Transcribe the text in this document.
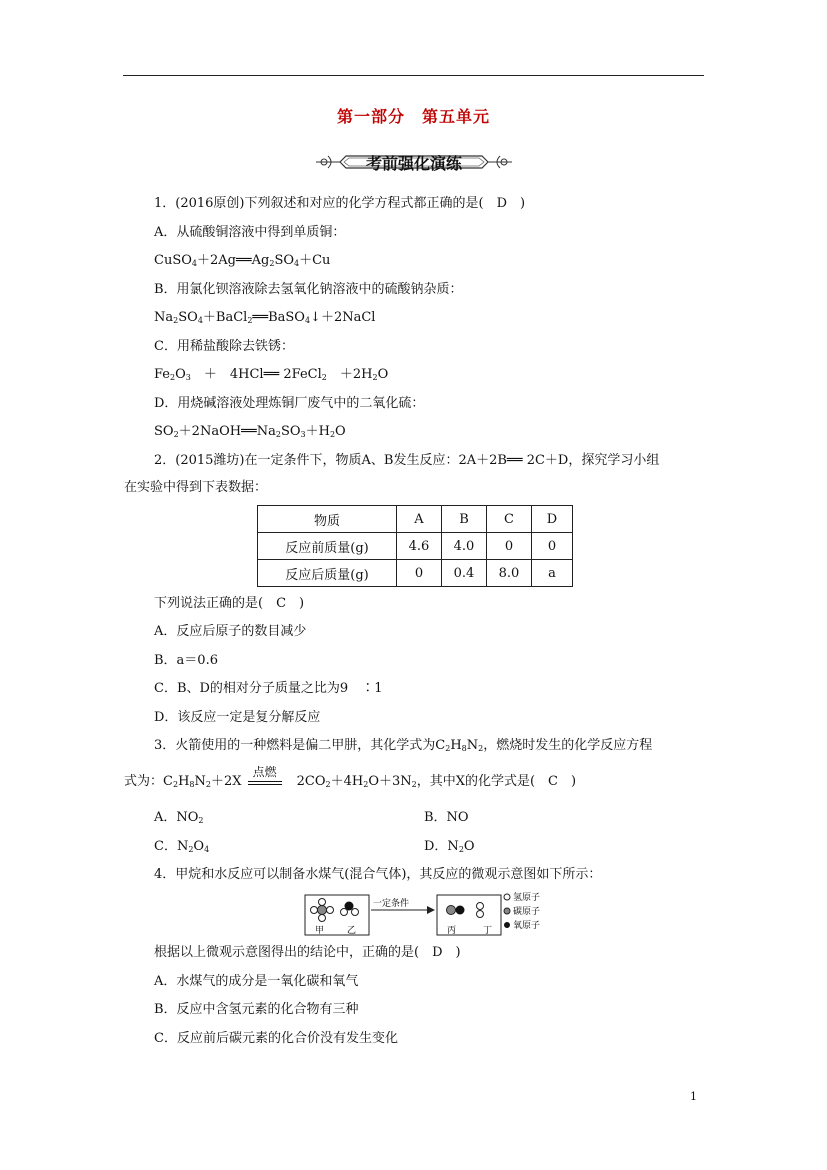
第一部分　第五单元
考前强化演练
1．(2016原创)下列叙述和对应的化学方程式都正确的是(　D　)
A．从硫酸铜溶液中得到单质铜：
$CuSO_4+2Ag══Ag_2SO_4+Cu$
B．用氯化钡溶液除去氢氧化钠溶液中的硫酸钠杂质：
$Na_2SO_4+BaCl_2══BaSO_4↓+2NaCl$
C．用稀盐酸除去铁锈：
$Fe_2O_3$　＋　4HCl══ 2FeCl$_2$　$+2H_2O$
D．用烧碱溶液处理炼铜厂废气中的二氧化硫：
$SO_2+2NaOH══Na_2SO_3+H_2O$
2．(2015潍坊)在一定条件下，物质A、B发生反应：2A＋2B══ 2C＋D，探究学习小组
在实验中得到下表数据：
物质	A	B	C	D
反应前质量(g)	4.6	4.0	0	0
反应后质量(g)	0	0.4	8.0	a
下列说法正确的是(　C　)
A．反应后原子的数目减少
B．a＝0.6
C．B、D的相对分子质量之比为9　∶1
D．该反应一定是复分解反应
3．火箭使用的一种燃料是偏二甲肼，其化学式为$C_2H_8N_2$，燃烧时发生的化学反应方程
式为：$C_2H_8N_2+2X$
点燃
　$2CO_2+4H_2O+3N_2$，其中X的化学式是(　C　)
A．$NO_2$	B．NO
C．$N_2O_4$	D．$N_2O$
4．甲烷和水反应可以制备水煤气(混合气体)，其反应的微观示意图如下所示：
一定条件
甲	乙	丙	丁
氢原子
碳原子
氧原子
根据以上微观示意图得出的结论中，正确的是(　D　)
A．水煤气的成分是一氧化碳和氧气
B．反应中含氢元素的化合物有三种
C．反应前后碳元素的化合价没有发生变化
1
